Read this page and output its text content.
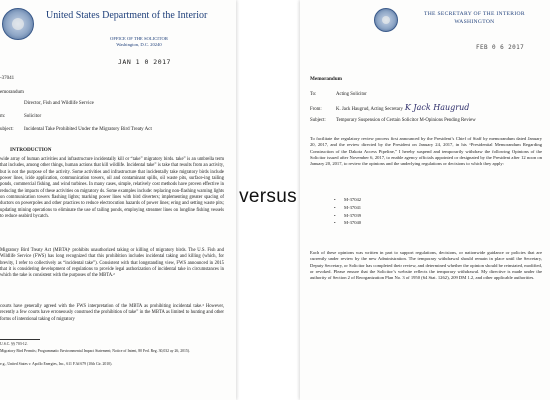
United States Department of the Interior
OFFICE OF THE SOLICITOR
Washington, D.C. 20240
JAN 1 0 2017
-37041
emorandum
Director, Fish and Wildlife Service
m:	Solicitor
ubject: Incidental Take Prohibited Under the Migratory Bird Treaty Act
INTRODUCTION
wide array of human activities and infrastructure incidentally kill or “take” migratory birds. take” is an umbrella term that includes, among other things, human actions that kill wildlife. Incidental take” is take that results from an activity, but is not the purpose of the activity. Some activities and infrastructure that incidentally take migratory birds include power lines, icide application, communication towers, oil and contaminant spills, oil waste pits, surface-ing tailing ponds, commercial fishing, and wind turbines. In many cases, simple, relatively cost methods have proven effective in reducing the impacts of these activities on migratory ds. Some examples include: replacing non-flashing warning lights on communication towers flashing lights; marking power lines with bird diverters; implementing greater spacing of ductors on powerpoles and other practices to reduce electrocution hazards of power lines; ering and setting waste pits; updating mining operations to eliminate the use of tailing ponds, employing streamer lines on longline fishing vessels to reduce seabird bycatch.
Migratory Bird Treaty Act (MBTA)¹ prohibits unauthorized taking or killing of migratory birds. The U.S. Fish and Wildlife Service (FWS) has long recognized that this prohibition includes incidental taking and killing (which, for brevity, I refer to collectively as “incidental take”). Consistent with that longstanding view, FWS announced in 2015 that it is considering development of regulations to provide legal authorization of incidental take in circumstances in which the take is consistent with the purposes of the MBTA.²
courts have generally agreed with the FWS interpretation of the MBTA as prohibiting incidental take.³ However, recently a few courts have erroneously construed the prohibition of take” in the MBTA as limited to hunting and other forms of intentional taking of migratory
U.S.C. §§ 703-12.
Migratory Bird Permits; Programmatic Environmental Impact Statement; Notice of Intent, 80 Fed. Reg. 30,032 ay 26, 2015).
e.g., United States v. Apollo Energies, Inc., 611 F.3d 679 (10th Cir. 2010).
versus
THE SECRETARY OF THE INTERIOR
WASHINGTON
FEB 0 6 2017
Memorandum
To:	Acting Solicitor
From:	K. Jack Haugrud, Acting Secretary K Jack Haugrud
Subject: Temporary Suspension of Certain Solicitor M-Opinions Pending Review
To facilitate the regulatory review process first announced by the President’s Chief of Staff by memorandum dated January 20, 2017, and the review directed by the President on January 24, 2017, in his “Presidential Memorandum Regarding Construction of the Dakota Access Pipeline,” I hereby suspend and temporarily withdraw the following Opinions of the Solicitor issued after November 6, 2017, to enable agency officials appointed or designated by the President after 12 noon on January 20, 2017, to review the opinions and the underlying regulations or decisions to which they apply:
• M-37042
• M-37041
• M-37039
• M-37040
Each of these opinions was written in part to support regulations, decisions, or nationwide guidance or policies that are currently under review by the new Administration. The temporary withdrawal should remain in place until the Secretary, Deputy Secretary, or Solicitor has completed their review, and determined whether the opinion should be reinstated, modified, or revoked. Please ensure that the Solicitor’s website reflects the temporary withdrawal. My directive is made under the authority of Section 2 of Reorganization Plan No. 3 of 1950 (64 Stat. 1262), 209 DM 1.2, and other applicable authorities.
